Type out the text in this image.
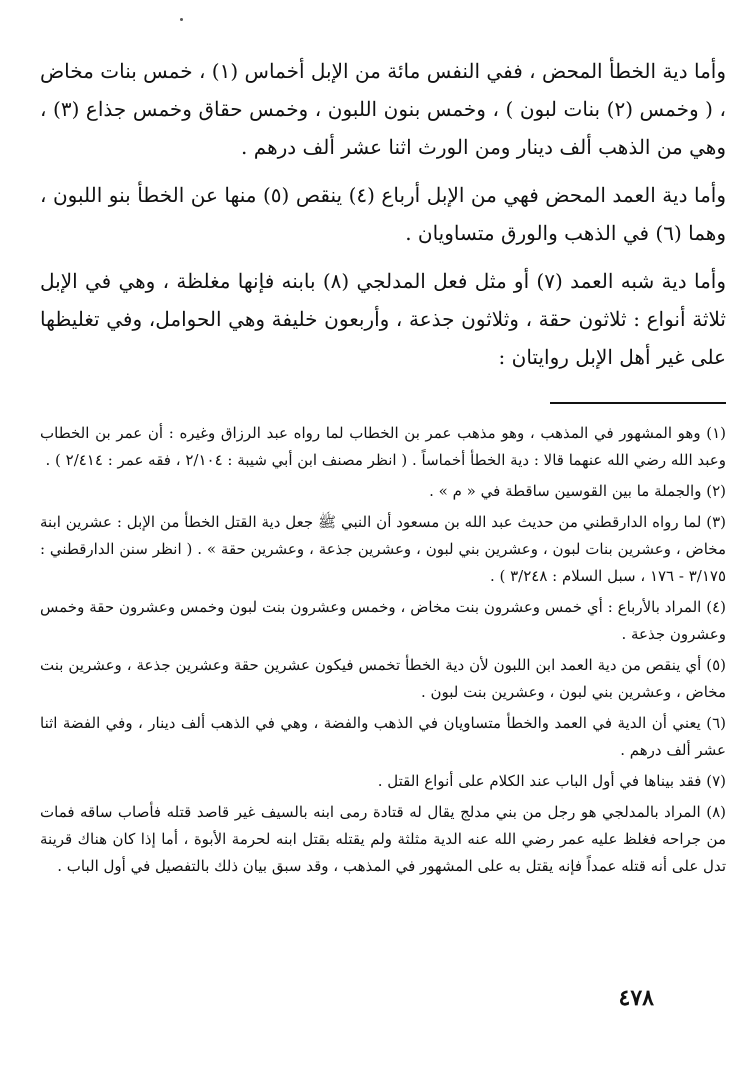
وأما دية الخطأ المحض ، ففي النفس مائة من الإبل أخماس (١) ، خمس بنات مخاض ، ( وخمس (٢) بنات لبون ) ، وخمس بنون اللبون ، وخمس حقاق وخمس جذاع (٣) ، وهي من الذهب ألف دينار ومن الورث اثنا عشر ألف درهم .

وأما دية العمد المحض فهي من الإبل أرباع (٤) ينقص (٥) منها عن الخطأ بنو اللبون ، وهما (٦) في الذهب والورق متساويان .

وأما دية شبه العمد (٧) أو مثل فعل المدلجي (٨) بابنه فإنها مغلظة ، وهي في الإبل ثلاثة أنواع : ثلاثون حقة ، وثلاثون جذعة ، وأربعون خليفة وهي الحوامل، وفي تغليظها على غير أهل الإبل روايتان :

(١) وهو المشهور في المذهب ، وهو مذهب عمر بن الخطاب لما رواه عبد الرزاق وغيره : أن عمر بن الخطاب وعبد الله رضي الله عنهما قالا : دية الخطأ أخماساً . ( انظر مصنف ابن أبي شيبة : ٢/١٠٤ ، فقه عمر : ٢/٤١٤ ) .

(٢) والجملة ما بين القوسين ساقطة في « م » .

(٣) لما رواه الدارقطني من حديث عبد الله بن مسعود أن النبي ﷺ جعل دية القتل الخطأ من الإبل : عشرين ابنة مخاض ، وعشرين بنات لبون ، وعشرين بني لبون ، وعشرين جذعة ، وعشرين حقة » . ( انظر سنن الدارقطني : ٣/١٧٥ - ١٧٦ ، سبل السلام : ٣/٢٤٨ ) .

(٤) المراد بالأرباع : أي خمس وعشرون بنت مخاض ، وخمس وعشرون بنت لبون وخمس وعشرون حقة وخمس وعشرون جذعة .

(٥) أي ينقص من دية العمد ابن اللبون لأن دية الخطأ تخمس فيكون عشرين حقة وعشرين جذعة ، وعشرين بنت مخاض ، وعشرين بني لبون ، وعشرين بنت لبون .

(٦) يعني أن الدية في العمد والخطأ متساويان في الذهب والفضة ، وهي في الذهب ألف دينار ، وفي الفضة اثنا عشر ألف درهم .

(٧) فقد بيناها في أول الباب عند الكلام على أنواع القتل .

(٨) المراد بالمدلجي هو رجل من بني مدلج يقال له قتادة رمى ابنه بالسيف غير قاصد قتله فأصاب ساقه فمات من جراحه فغلظ عليه عمر رضي الله عنه الدية مثلثة ولم يقتله بقتل ابنه لحرمة الأبوة ، أما إذا كان هناك قرينة تدل على أنه قتله عمداً فإنه يقتل به على المشهور في المذهب ، وقد سبق بيان ذلك بالتفصيل في أول الباب .

٤٧٨
